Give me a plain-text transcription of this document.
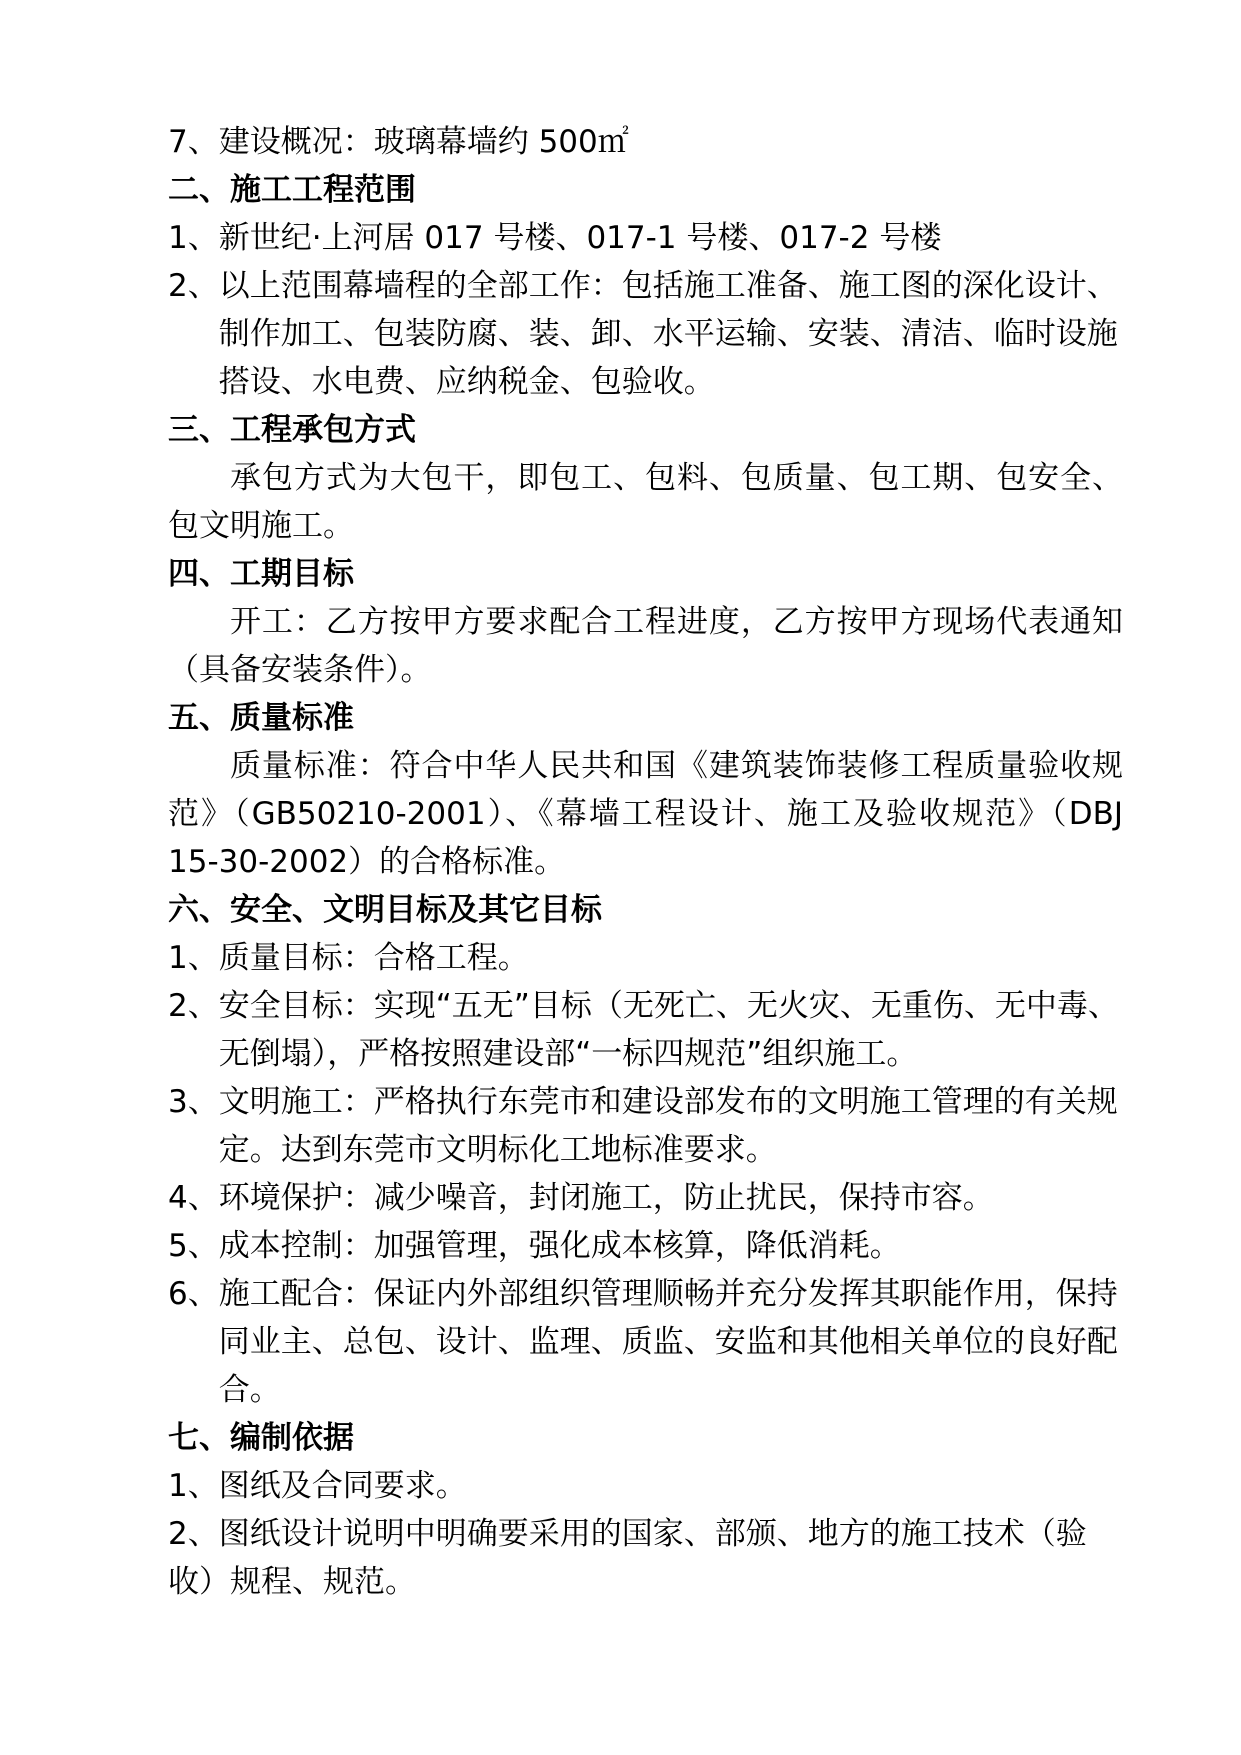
7、建设概况：玻璃幕墙约 500㎡
二、施工工程范围
1、新世纪·上河居 017 号楼、017-1 号楼、017-2 号楼
2、 以上范围幕墙程的全部工作：包括施工准备、施工图的深化设计、制作加工、包装防腐、装、卸、水平运输、安装、清洁、临时设施搭设、水电费、应纳税金、包验收。
三、工程承包方式
承包方式为大包干，即包工、包料、包质量、包工期、包安全、包文明施工。
四、工期目标
开工：乙方按甲方要求配合工程进度，乙方按甲方现场代表通知（具备安装条件）。
五、质量标准
质量标准：符合中华人民共和国《建筑装饰装修工程质量验收规范》（GB50210-2001）、《幕墙工程设计、施工及验收规范》（DBJ 15-30-2002）的合格标准。
六、安全、文明目标及其它目标
1、 质量目标：合格工程。
2、 安全目标：实现“五无”目标（无死亡、无火灾、无重伤、无中毒、无倒塌），严格按照建设部“一标四规范”组织施工。
3、 文明施工：严格执行东莞市和建设部发布的文明施工管理的有关规定。达到东莞市文明标化工地标准要求。
4、 环境保护：减少噪音，封闭施工，防止扰民，保持市容。
5、 成本控制：加强管理，强化成本核算，降低消耗。
6、 施工配合：保证内外部组织管理顺畅并充分发挥其职能作用，保持同业主、总包、设计、监理、质监、安监和其他相关单位的良好配合。
七、编制依据
1、图纸及合同要求。
2、图纸设计说明中明确要采用的国家、部颁、地方的施工技术（验收）规程、规范。
